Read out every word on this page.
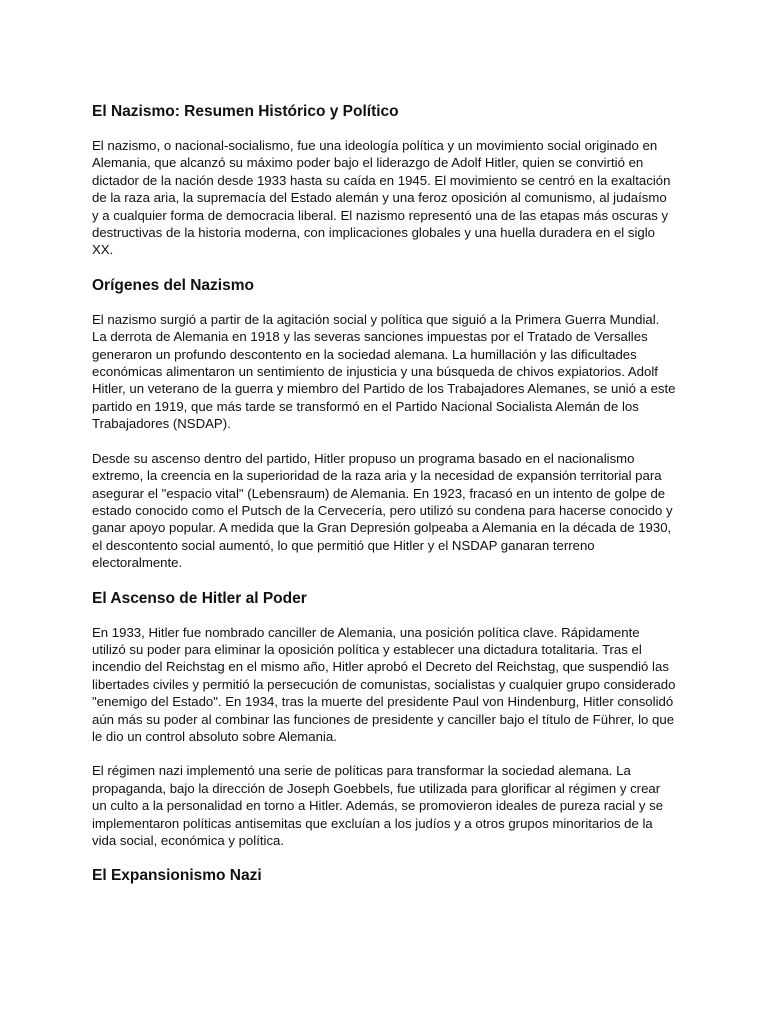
El Nazismo: Resumen Histórico y Político

El nazismo, o nacional-socialismo, fue una ideología política y un movimiento social originado en Alemania, que alcanzó su máximo poder bajo el liderazgo de Adolf Hitler, quien se convirtió en dictador de la nación desde 1933 hasta su caída en 1945. El movimiento se centró en la exaltación de la raza aria, la supremacía del Estado alemán y una feroz oposición al comunismo, al judaísmo y a cualquier forma de democracia liberal. El nazismo representó una de las etapas más oscuras y destructivas de la historia moderna, con implicaciones globales y una huella duradera en el siglo XX.

Orígenes del Nazismo

El nazismo surgió a partir de la agitación social y política que siguió a la Primera Guerra Mundial. La derrota de Alemania en 1918 y las severas sanciones impuestas por el Tratado de Versalles generaron un profundo descontento en la sociedad alemana. La humillación y las dificultades económicas alimentaron un sentimiento de injusticia y una búsqueda de chivos expiatorios. Adolf Hitler, un veterano de la guerra y miembro del Partido de los Trabajadores Alemanes, se unió a este partido en 1919, que más tarde se transformó en el Partido Nacional Socialista Alemán de los Trabajadores (NSDAP).

Desde su ascenso dentro del partido, Hitler propuso un programa basado en el nacionalismo extremo, la creencia en la superioridad de la raza aria y la necesidad de expansión territorial para asegurar el "espacio vital" (Lebensraum) de Alemania. En 1923, fracasó en un intento de golpe de estado conocido como el Putsch de la Cervecería, pero utilizó su condena para hacerse conocido y ganar apoyo popular. A medida que la Gran Depresión golpeaba a Alemania en la década de 1930, el descontento social aumentó, lo que permitió que Hitler y el NSDAP ganaran terreno electoralmente.

El Ascenso de Hitler al Poder

En 1933, Hitler fue nombrado canciller de Alemania, una posición política clave. Rápidamente utilizó su poder para eliminar la oposición política y establecer una dictadura totalitaria. Tras el incendio del Reichstag en el mismo año, Hitler aprobó el Decreto del Reichstag, que suspendió las libertades civiles y permitió la persecución de comunistas, socialistas y cualquier grupo considerado "enemigo del Estado". En 1934, tras la muerte del presidente Paul von Hindenburg, Hitler consolidó aún más su poder al combinar las funciones de presidente y canciller bajo el título de Führer, lo que le dio un control absoluto sobre Alemania.

El régimen nazi implementó una serie de políticas para transformar la sociedad alemana. La propaganda, bajo la dirección de Joseph Goebbels, fue utilizada para glorificar al régimen y crear un culto a la personalidad en torno a Hitler. Además, se promovieron ideales de pureza racial y se implementaron políticas antisemitas que excluían a los judíos y a otros grupos minoritarios de la vida social, económica y política.

El Expansionismo Nazi
